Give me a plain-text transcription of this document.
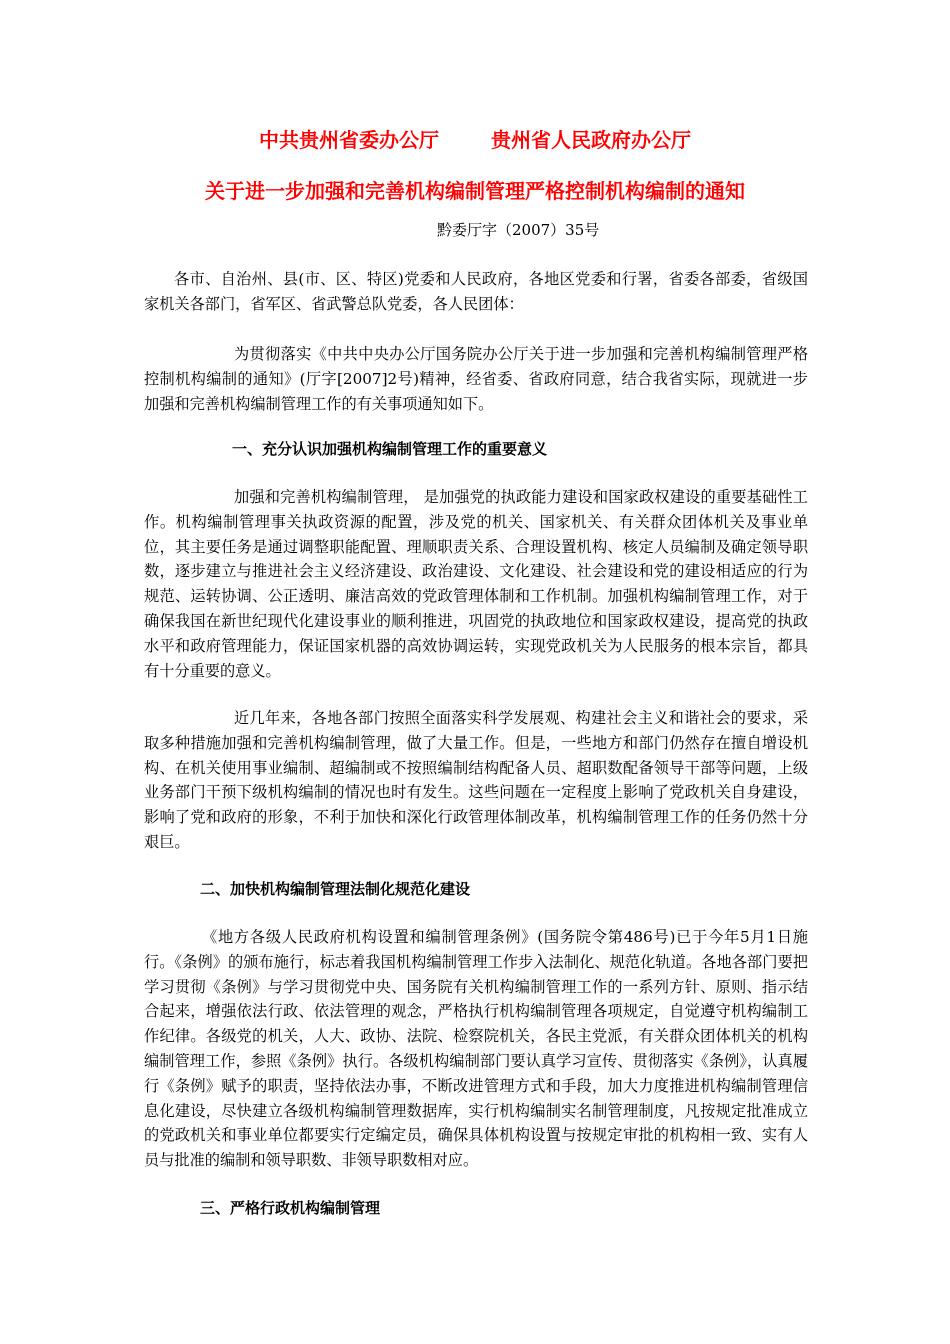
中共贵州省委办公厅	贵州省人民政府办公厅
关于进一步加强和完善机构编制管理严格控制机构编制的通知
黔委厅字（2007）35号

各市、自治州、县(市、区、特区)党委和人民政府，各地区党委和行署，省委各部委，省级国家机关各部门，省军区、省武警总队党委，各人民团体：

为贯彻落实《中共中央办公厅国务院办公厅关于进一步加强和完善机构编制管理严格控制机构编制的通知》(厅字[2007]2号)精神，经省委、省政府同意，结合我省实际，现就进一步加强和完善机构编制管理工作的有关事项通知如下。

一、充分认识加强机构编制管理工作的重要意义

加强和完善机构编制管理， 是加强党的执政能力建设和国家政权建设的重要基础性工作。机构编制管理事关执政资源的配置，涉及党的机关、国家机关、有关群众团体机关及事业单位，其主要任务是通过调整职能配置、理顺职责关系、合理设置机构、核定人员编制及确定领导职数，逐步建立与推进社会主义经济建设、政治建设、文化建设、社会建设和党的建设相适应的行为规范、运转协调、公正透明、廉洁高效的党政管理体制和工作机制。加强机构编制管理工作，对于确保我国在新世纪现代化建设事业的顺利推进，巩固党的执政地位和国家政权建设，提高党的执政水平和政府管理能力，保证国家机器的高效协调运转，实现党政机关为人民服务的根本宗旨，都具有十分重要的意义。

近几年来，各地各部门按照全面落实科学发展观、构建社会主义和谐社会的要求，采取多种措施加强和完善机构编制管理，做了大量工作。但是，一些地方和部门仍然存在擅自增设机构、在机关使用事业编制、超编制或不按照编制结构配备人员、超职数配备领导干部等问题，上级业务部门干预下级机构编制的情况也时有发生。这些问题在一定程度上影响了党政机关自身建设，影响了党和政府的形象，不利于加快和深化行政管理体制改革，机构编制管理工作的任务仍然十分艰巨。

二、加快机构编制管理法制化规范化建设

《地方各级人民政府机构设置和编制管理条例》(国务院令第486号)已于今年5月1日施行。《条例》的颁布施行，标志着我国机构编制管理工作步入法制化、规范化轨道。各地各部门要把学习贯彻《条例》与学习贯彻党中央、国务院有关机构编制管理工作的一系列方针、原则、指示结合起来，增强依法行政、依法管理的观念，严格执行机构编制管理各项规定，自觉遵守机构编制工作纪律。各级党的机关，人大、政协、法院、检察院机关，各民主党派，有关群众团体机关的机构编制管理工作，参照《条例》执行。各级机构编制部门要认真学习宣传、贯彻落实《条例》，认真履行《条例》赋予的职责，坚持依法办事，不断改进管理方式和手段，加大力度推进机构编制管理信息化建设，尽快建立各级机构编制管理数据库，实行机构编制实名制管理制度，凡按规定批准成立的党政机关和事业单位都要实行定编定员，确保具体机构设置与按规定审批的机构相一致、实有人员与批准的编制和领导职数、非领导职数相对应。

三、严格行政机构编制管理
